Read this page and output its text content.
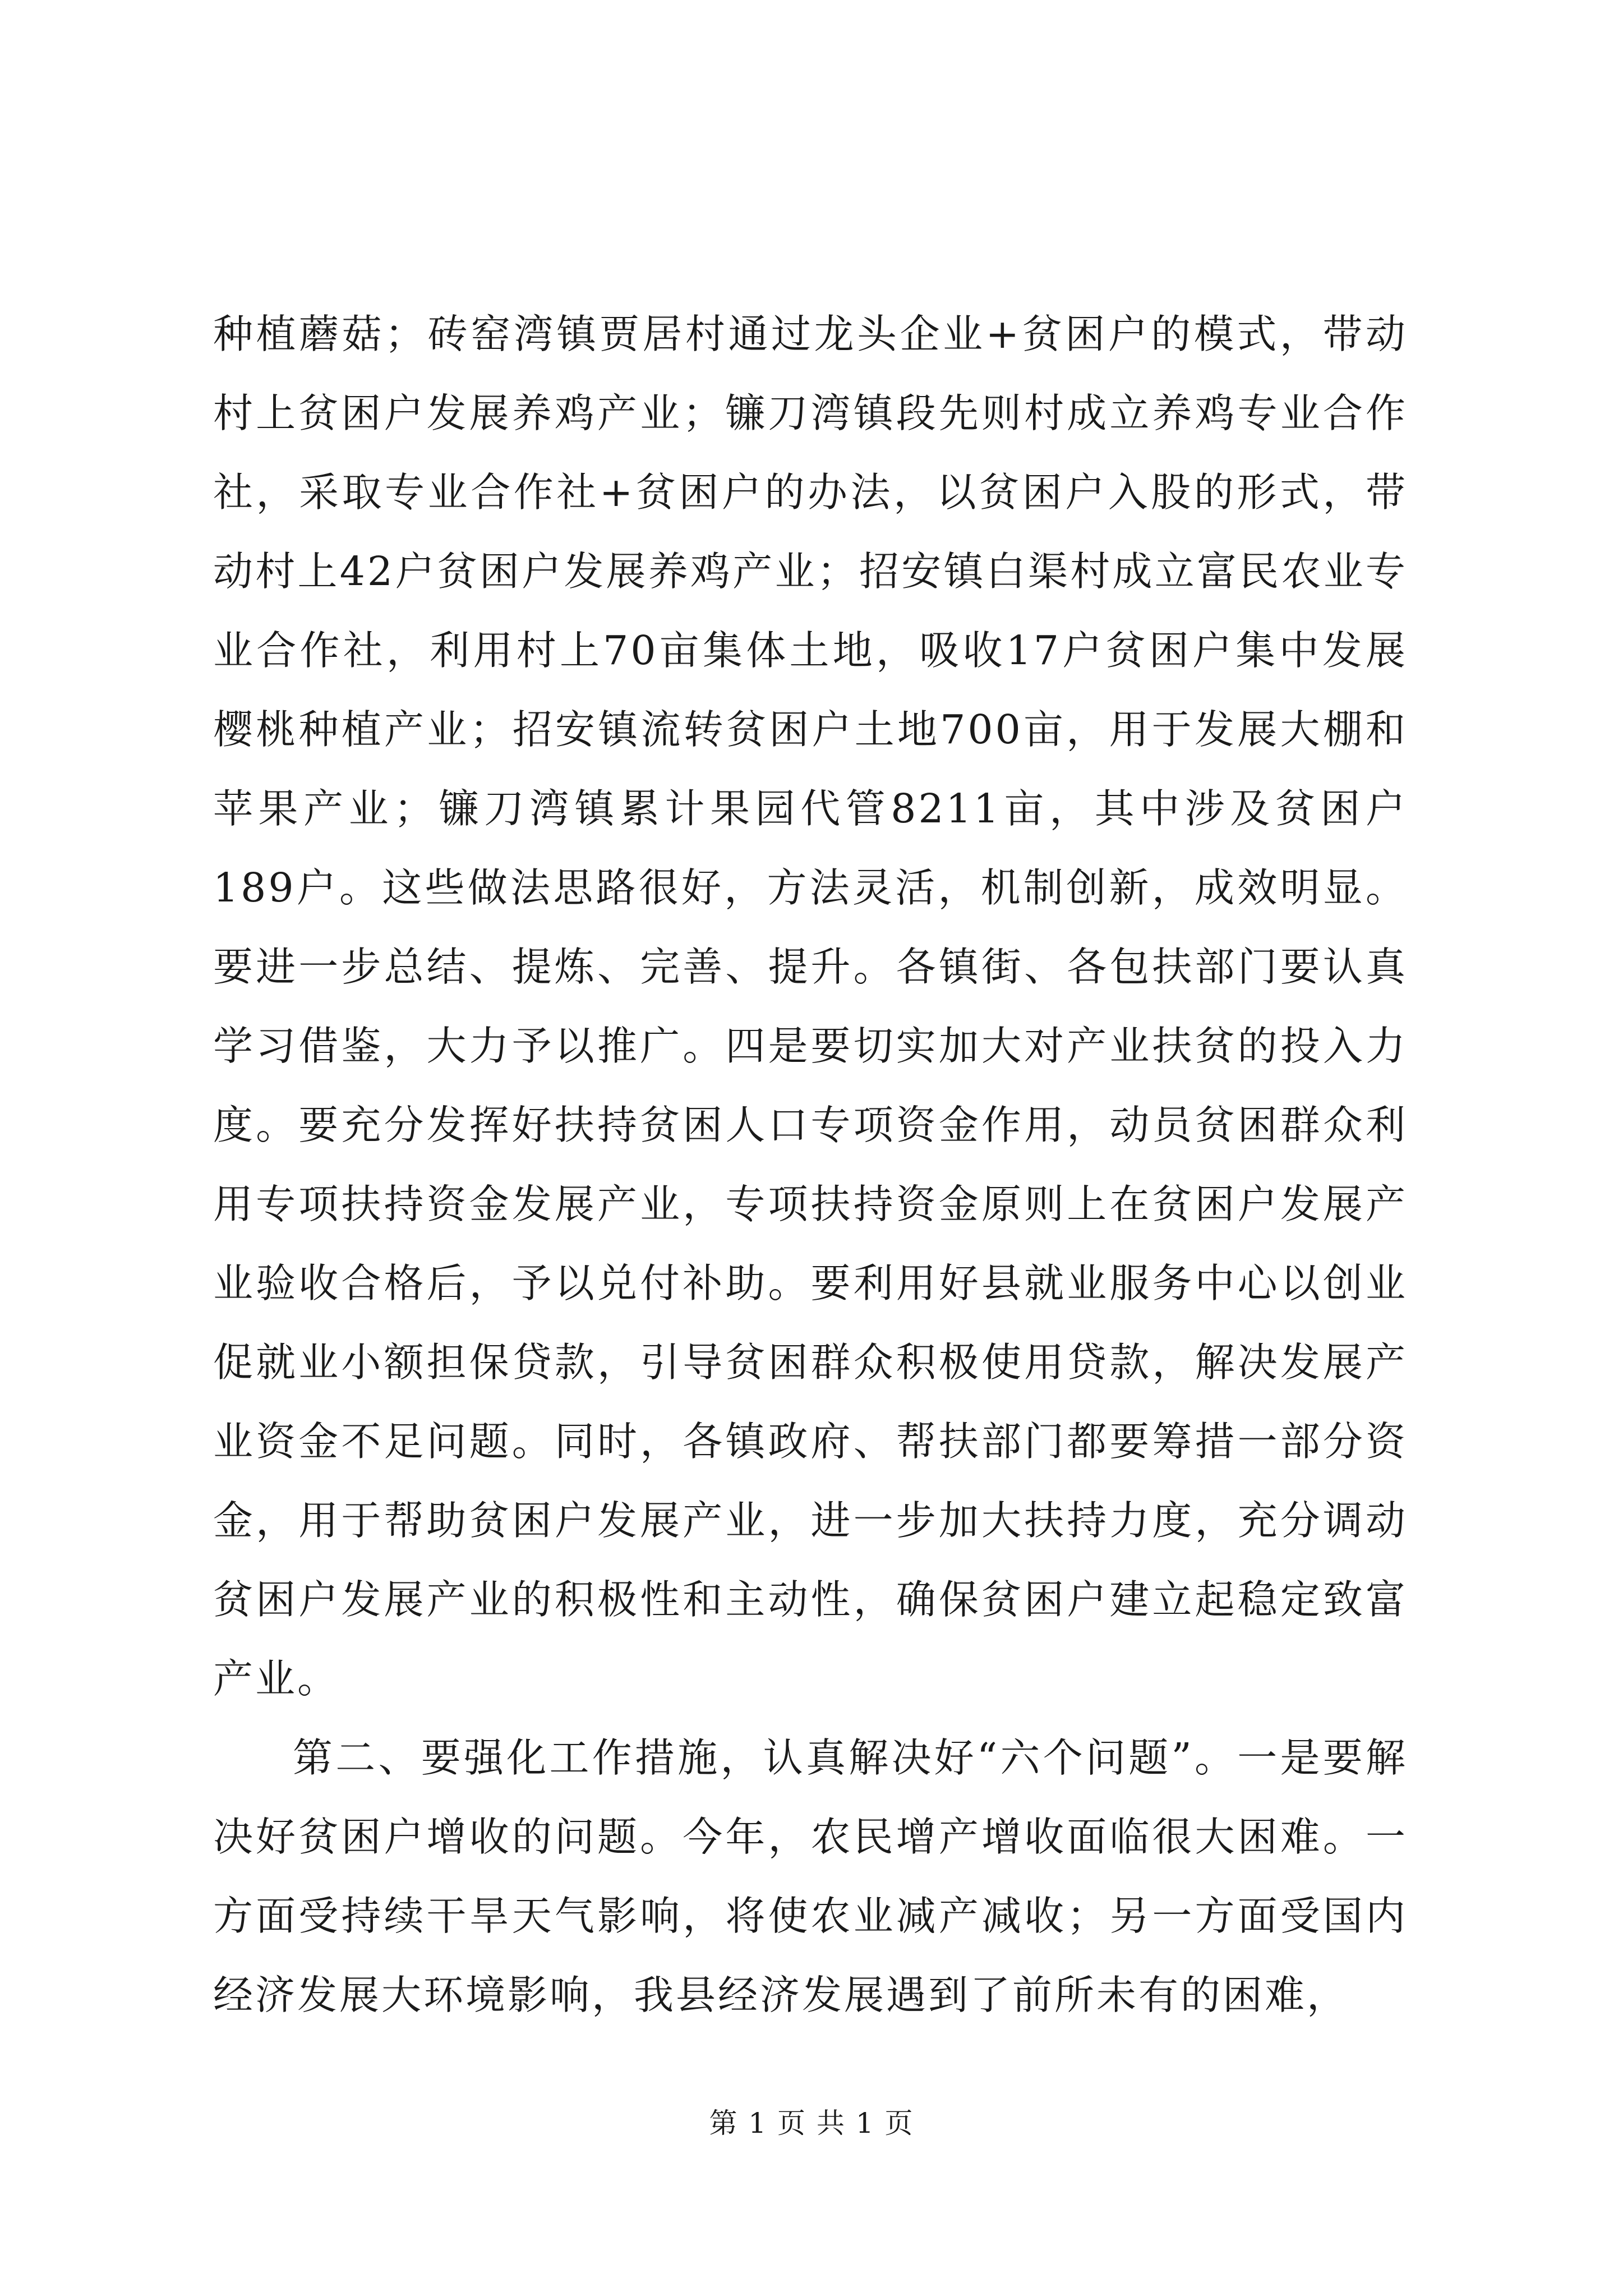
种植蘑菇；砖窑湾镇贾居村通过龙头企业+贫困户的模式，带动村上贫困户发展养鸡产业；镰刀湾镇段先则村成立养鸡专业合作社，采取专业合作社+贫困户的办法，以贫困户入股的形式，带动村上42户贫困户发展养鸡产业；招安镇白渠村成立富民农业专业合作社，利用村上70亩集体土地，吸收17户贫困户集中发展樱桃种植产业；招安镇流转贫困户土地700亩，用于发展大棚和苹果产业；镰刀湾镇累计果园代管8211亩，其中涉及贫困户189户。这些做法思路很好，方法灵活，机制创新，成效明显。要进一步总结、提炼、完善、提升。各镇街、各包扶部门要认真学习借鉴，大力予以推广。四是要切实加大对产业扶贫的投入力度。要充分发挥好扶持贫困人口专项资金作用，动员贫困群众利用专项扶持资金发展产业，专项扶持资金原则上在贫困户发展产业验收合格后，予以兑付补助。要利用好县就业服务中心以创业促就业小额担保贷款，引导贫困群众积极使用贷款，解决发展产业资金不足问题。同时，各镇政府、帮扶部门都要筹措一部分资金，用于帮助贫困户发展产业，进一步加大扶持力度，充分调动贫困户发展产业的积极性和主动性，确保贫困户建立起稳定致富产业。

第二、要强化工作措施，认真解决好“六个问题”。一是要解决好贫困户增收的问题。今年，农民增产增收面临很大困难。一方面受持续干旱天气影响，将使农业减产减收；另一方面受国内经济发展大环境影响，我县经济发展遇到了前所未有的困难，

第 1 页 共 1 页
